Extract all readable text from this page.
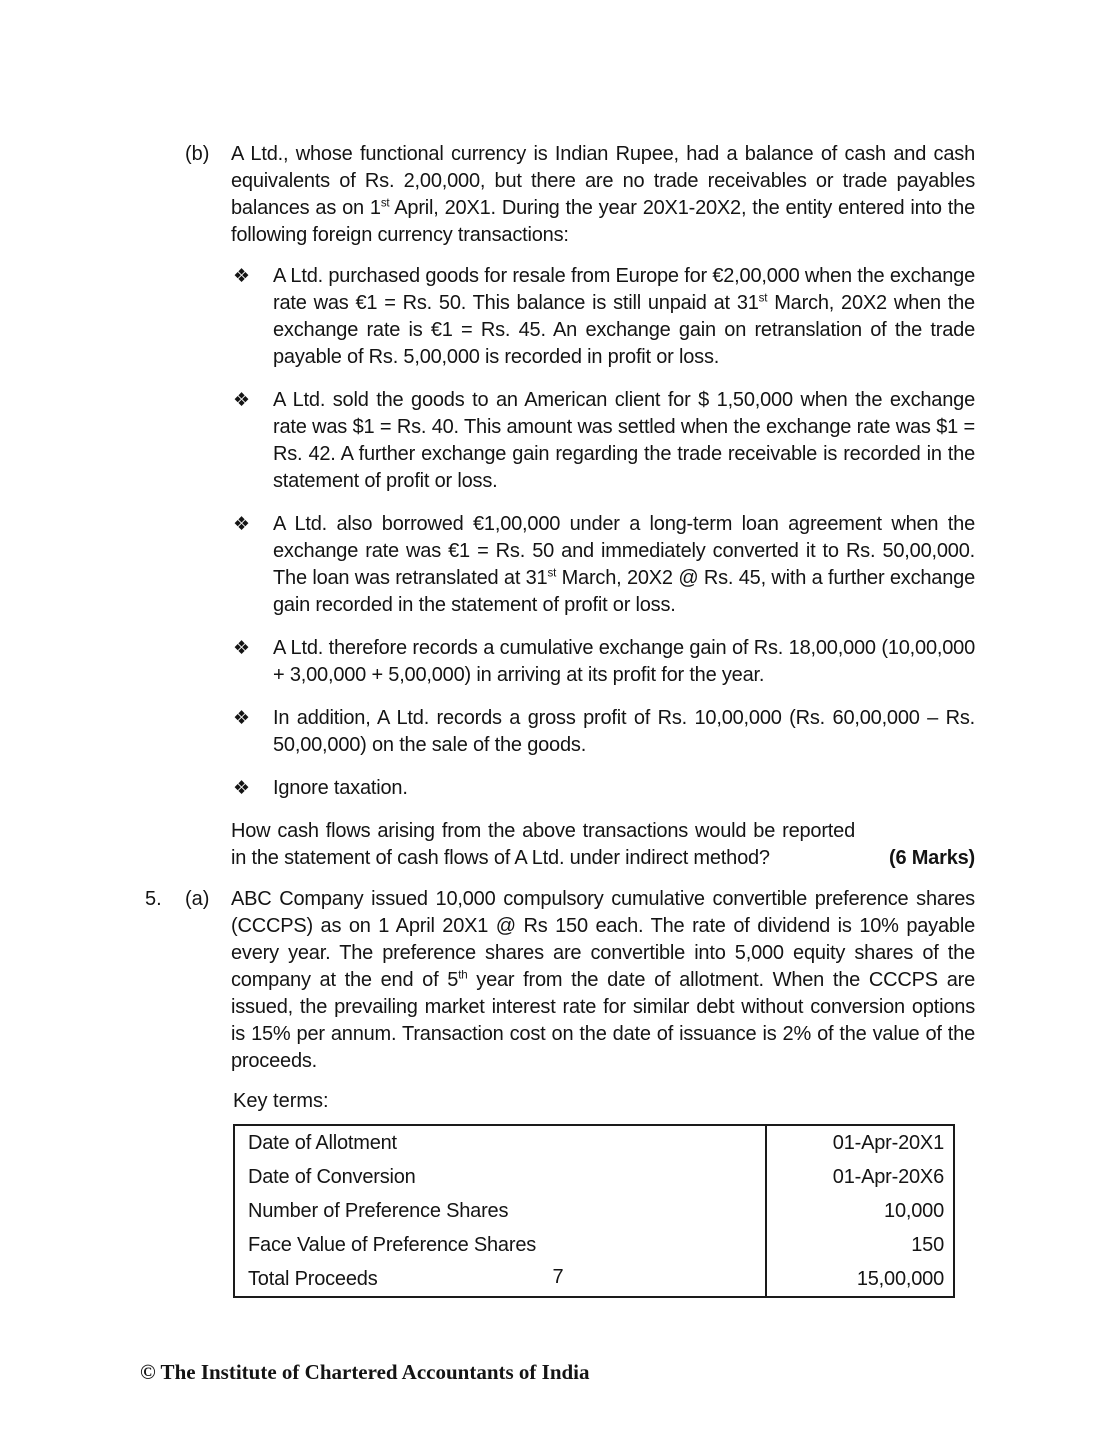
(b)	A Ltd., whose functional currency is Indian Rupee, had a balance of cash and cash equivalents of Rs. 2,00,000, but there are no trade receivables or trade payables balances as on 1st April, 20X1. During the year 20X1-20X2, the entity entered into the following foreign currency transactions:
❖	A Ltd. purchased goods for resale from Europe for €2,00,000 when the exchange rate was €1 = Rs. 50. This balance is still unpaid at 31st March, 20X2 when the exchange rate is €1 = Rs. 45. An exchange gain on retranslation of the trade payable of Rs. 5,00,000 is recorded in profit or loss.
❖	A Ltd. sold the goods to an American client for $ 1,50,000 when the exchange rate was $1 = Rs. 40. This amount was settled when the exchange rate was $1 = Rs. 42. A further exchange gain regarding the trade receivable is recorded in the statement of profit or loss.
❖	A Ltd. also borrowed €1,00,000 under a long-term loan agreement when the exchange rate was €1 = Rs. 50 and immediately converted it to Rs. 50,00,000. The loan was retranslated at 31st March, 20X2 @ Rs. 45, with a further exchange gain recorded in the statement of profit or loss.
❖	A Ltd. therefore records a cumulative exchange gain of Rs. 18,00,000 (10,00,000 + 3,00,000 + 5,00,000) in arriving at its profit for the year.
❖	In addition, A Ltd. records a gross profit of Rs. 10,00,000 (Rs. 60,00,000 – Rs. 50,00,000) on the sale of the goods.
❖	Ignore taxation.
How cash flows arising from the above transactions would be reported in the statement of cash flows of A Ltd. under indirect method?	(6 Marks)
5.	(a)	ABC Company issued 10,000 compulsory cumulative convertible preference shares (CCCPS) as on 1 April 20X1 @ Rs 150 each. The rate of dividend is 10% payable every year. The preference shares are convertible into 5,000 equity shares of the company at the end of 5th year from the date of allotment. When the CCCPS are issued, the prevailing market interest rate for similar debt without conversion options is 15% per annum. Transaction cost on the date of issuance is 2% of the value of the proceeds.
Key terms:
Date of Allotment	01-Apr-20X1
Date of Conversion	01-Apr-20X6
Number of Preference Shares	10,000
Face Value of Preference Shares	150
Total Proceeds	15,00,000
7
© The Institute of Chartered Accountants of India
